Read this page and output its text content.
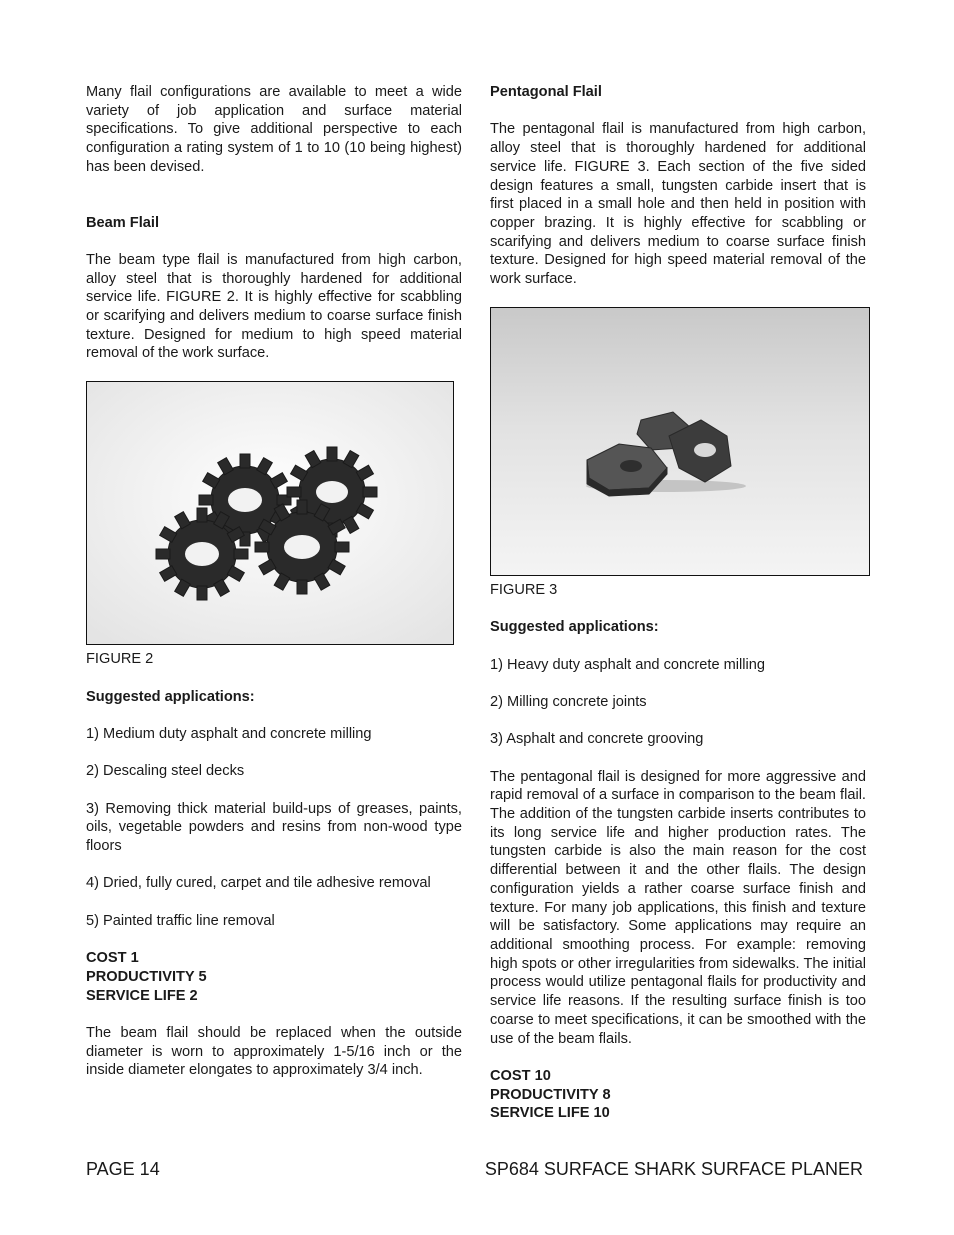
Many flail configurations are available to meet a wide variety of job application and surface material specifications. To give additional perspective to each configuration a rating system of 1 to 10 (10 being highest) has been devised.

Beam Flail

The beam type flail is manufactured from high carbon, alloy steel that is thoroughly hardened for additional service life. FIGURE 2. It is highly effective for scabbling or scarifying and delivers medium to coarse surface finish texture. Designed for medium to high speed material removal of the work surface.

FIGURE 2

Suggested applications:

1) Medium duty asphalt and concrete milling

2) Descaling steel decks

3) Removing thick material build-ups of greases, paints, oils, vegetable powders and resins from non-wood type floors

4) Dried, fully cured, carpet and tile adhesive removal

5) Painted traffic line removal

COST 1

PRODUCTIVITY 5

SERVICE LIFE 2

The beam flail should be replaced when the outside diameter is worn to approximately 1-5/16 inch or the inside diameter elongates to approximately 3/4 inch.

Pentagonal Flail

The pentagonal flail is manufactured from high carbon, alloy steel that is thoroughly hardened for additional service life. FIGURE 3. Each section of the five sided design features a small, tungsten carbide insert that is first placed in a small hole and then held in position with copper brazing. It is highly effective for scabbling or scarifying and delivers medium to coarse surface finish texture. Designed for high speed material removal of the work surface.

FIGURE 3

Suggested applications:

1) Heavy duty asphalt and concrete milling

2) Milling concrete joints

3) Asphalt and concrete grooving

The pentagonal flail is designed for more aggressive and rapid removal of a surface in comparison to the beam flail. The addition of the tungsten carbide inserts contributes to its long service life and higher production rates. The tungsten carbide is also the main reason for the cost differential between it and the other flails. The design configuration yields a rather coarse surface finish and texture. For many job applications, this finish and texture will be satisfactory. Some applications may require an additional smoothing process. For example: removing high spots or other irregularities from sidewalks. The initial process would utilize pentagonal flails for productivity and service life reasons. If the resulting surface finish is too coarse to meet specifications, it can be smoothed with the use of the beam flails.

COST 10

PRODUCTIVITY 8

SERVICE LIFE 10

PAGE 14	SP684 SURFACE SHARK SURFACE PLANER
